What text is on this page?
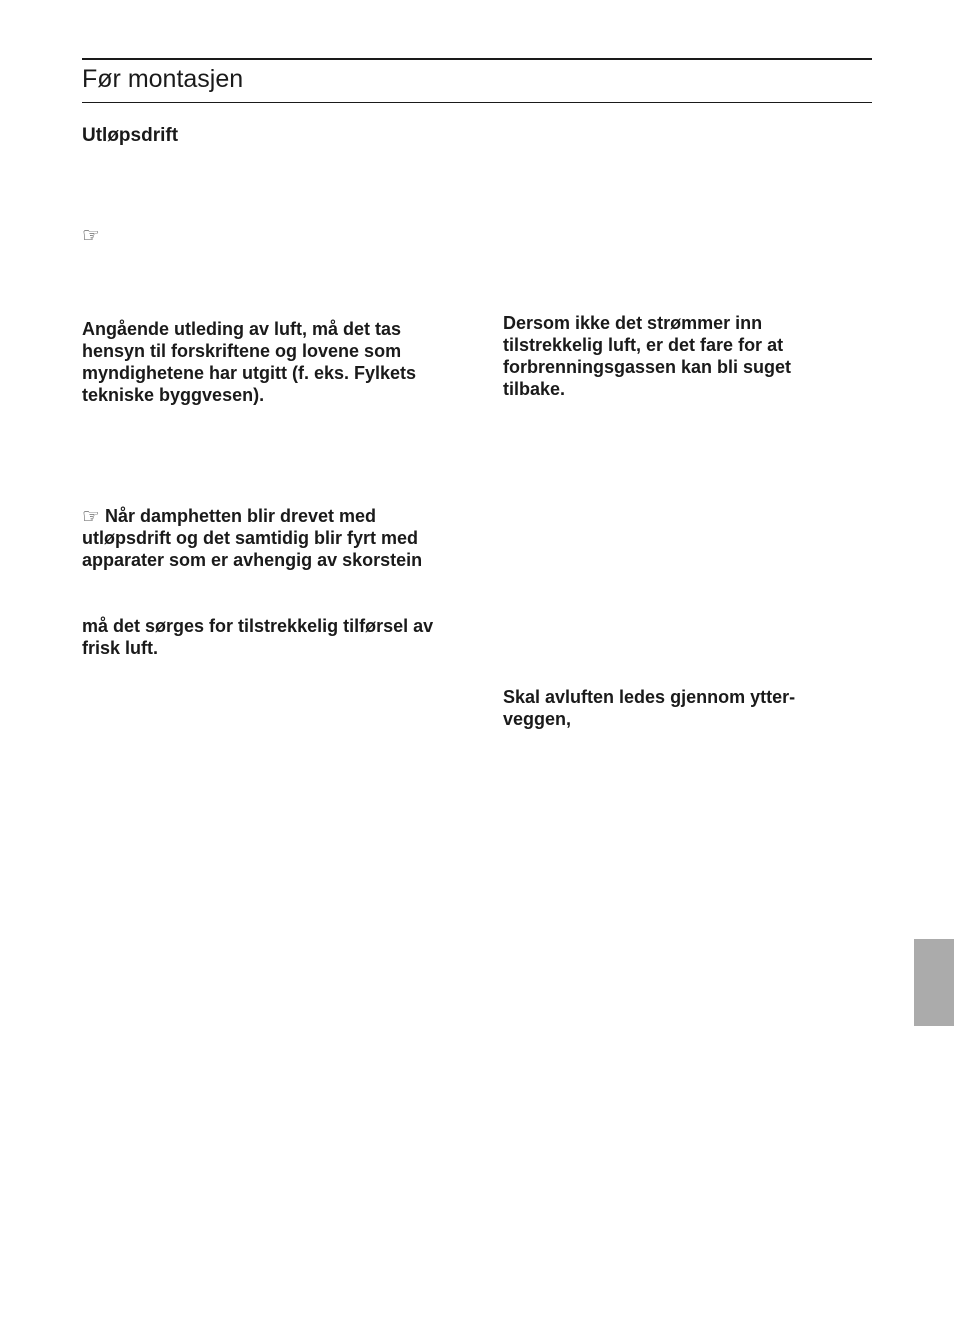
Før montasjen
Utløpsdrift
☞

Angående utleding av luft, må det tas hensyn til forskriftene og lovene som myndighetene har utgitt (f. eks. Fylkets tekniske byggvesen).

☞ Når damphetten blir drevet med utløpsdrift og det samtidig blir fyrt med apparater som er avhengig av skorstein

må det sørges for tilstrekkelig tilførsel av frisk luft.

Dersom ikke det strømmer inn tilstrekkelig luft, er det fare for at forbrenningsgassen kan bli suget tilbake.

Skal avluften ledes gjennom ytter-veggen,
